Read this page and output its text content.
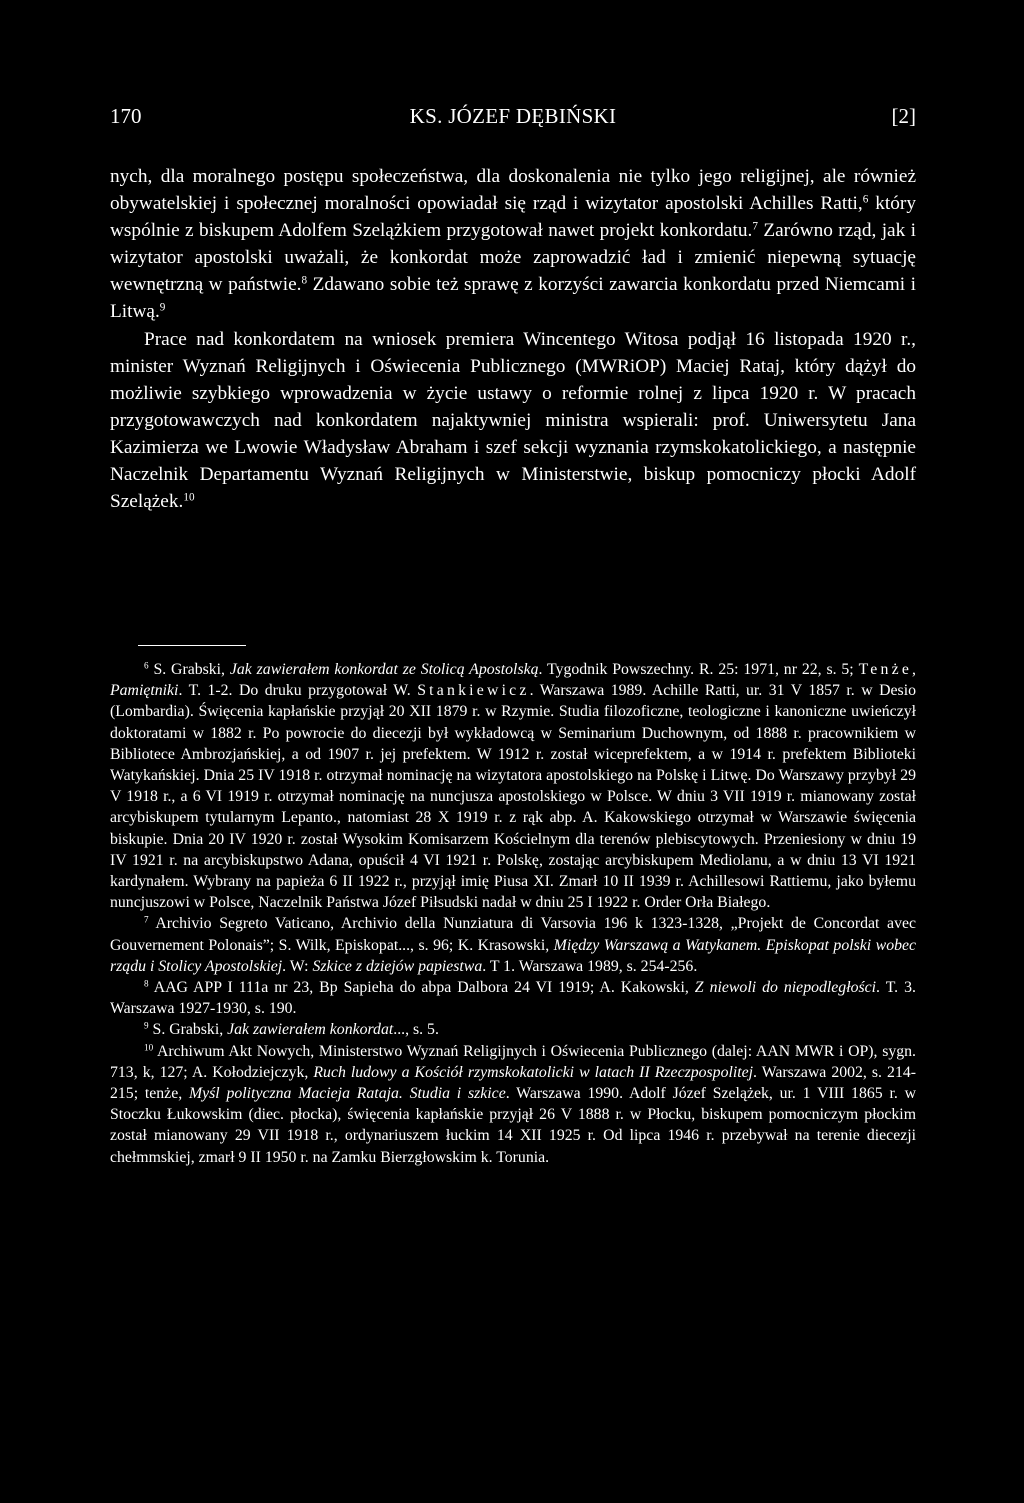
170	KS. JÓZEF DĘBIŃSKI	[2]

nych, dla moralnego postępu społeczeństwa, dla doskonalenia nie tylko jego religijnej, ale również obywatelskiej i społecznej moralności opowiadał się rząd i wizytator apostolski Achilles Ratti,$^6$ który wspólnie z biskupem Adolfem Szelążkiem przygotował nawet projekt konkordatu.$^7$ Zarówno rząd, jak i wizytator apostolski uważali, że konkordat może zaprowadzić ład i zmienić niepewną sytuację wewnętrzną w państwie.$^8$ Zdawano sobie też sprawę z korzyści zawarcia konkordatu przed Niemcami i Litwą.$^9$

Prace nad konkordatem na wniosek premiera Wincentego Witosa podjął 16 listopada 1920 r., minister Wyznań Religijnych i Oświecenia Publicznego (MWRiOP) Maciej Rataj, który dążył do możliwie szybkiego wprowadzenia w życie ustawy o reformie rolnej z lipca 1920 r. W pracach przygotowawczych nad konkordatem najaktywniej ministra wspierali: prof. Uniwersytetu Jana Kazimierza we Lwowie Władysław Abraham i szef sekcji wyznania rzymskokatolickiego, a następnie Naczelnik Departamentu Wyznań Religijnych w Ministerstwie, biskup pomocniczy płocki Adolf Szelążek.$^{10}$

$^6$ S. Grabski, Jak zawierałem konkordat ze Stolicą Apostolską. Tygodnik Powszechny. R. 25: 1971, nr 22, s. 5; Tenże, Pamiętniki. T. 1-2. Do druku przygotował W. Stankiewicz. Warszawa 1989. Achille Ratti, ur. 31 V 1857 r. w Desio (Lombardia). Święcenia kapłańskie przyjął 20 XII 1879 r. w Rzymie. Studia filozoficzne, teologiczne i kanoniczne uwieńczył doktoratami w 1882 r. Po powrocie do diecezji był wykładowcą w Seminarium Duchownym, od 1888 r. pracownikiem w Bibliotece Ambrozjańskiej, a od 1907 r. jej prefektem. W 1912 r. został wiceprefektem, a w 1914 r. prefektem Biblioteki Watykańskiej. Dnia 25 IV 1918 r. otrzymał nominację na wizytatora apostolskiego na Polskę i Litwę. Do Warszawy przybył 29 V 1918 r., a 6 VI 1919 r. otrzymał nominację na nuncjusza apostolskiego w Polsce. W dniu 3 VII 1919 r. mianowany został arcybiskupem tytularnym Lepanto., natomiast 28 X 1919 r. z rąk abp. A. Kakowskiego otrzymał w Warszawie święcenia biskupie. Dnia 20 IV 1920 r. został Wysokim Komisarzem Kościelnym dla terenów plebiscytowych. Przeniesiony w dniu 19 IV 1921 r. na arcybiskupstwo Adana, opuścił 4 VI 1921 r. Polskę, zostając arcybiskupem Mediolanu, a w dniu 13 VI 1921 kardynałem. Wybrany na papieża 6 II 1922 r., przyjął imię Piusa XI. Zmarł 10 II 1939 r. Achillesowi Rattiemu, jako byłemu nuncjuszowi w Polsce, Naczelnik Państwa Józef Piłsudski nadał w dniu 25 I 1922 r. Order Orła Białego.

$^7$ Archivio Segreto Vaticano, Archivio della Nunziatura di Varsovia 196 k 1323-1328, „Projekt de Concordat avec Gouvernement Polonais”; S. Wilk, Episkopat..., s. 96; K. Krasowski, Między Warszawą a Watykanem. Episkopat polski wobec rządu i Stolicy Apostolskiej. W: Szkice z dziejów papiestwa. T 1. Warszawa 1989, s. 254-256.

$^8$ AAG APP I 111a nr 23, Bp Sapieha do abpa Dalbora 24 VI 1919; A. Kakowski, Z niewoli do niepodległości. T. 3. Warszawa 1927-1930, s. 190.

$^9$ S. Grabski, Jak zawierałem konkordat..., s. 5.

$^{10}$ Archiwum Akt Nowych, Ministerstwo Wyznań Religijnych i Oświecenia Publicznego (dalej: AAN MWR i OP), sygn. 713, k, 127; A. Kołodziejczyk, Ruch ludowy a Kościół rzymskokatolicki w latach II Rzeczpospolitej. Warszawa 2002, s. 214-215; tenże, Myśl polityczna Macieja Rataja. Studia i szkice. Warszawa 1990. Adolf Józef Szelążek, ur. 1 VIII 1865 r. w Stoczku Łukowskim (diec. płocka), święcenia kapłańskie przyjął 26 V 1888 r. w Płocku, biskupem pomocniczym płockim został mianowany 29 VII 1918 r., ordynariuszem łuckim 14 XII 1925 r. Od lipca 1946 r. przebywał na terenie diecezji chełmmskiej, zmarł 9 II 1950 r. na Zamku Bierzgłowskim k. Torunia.
